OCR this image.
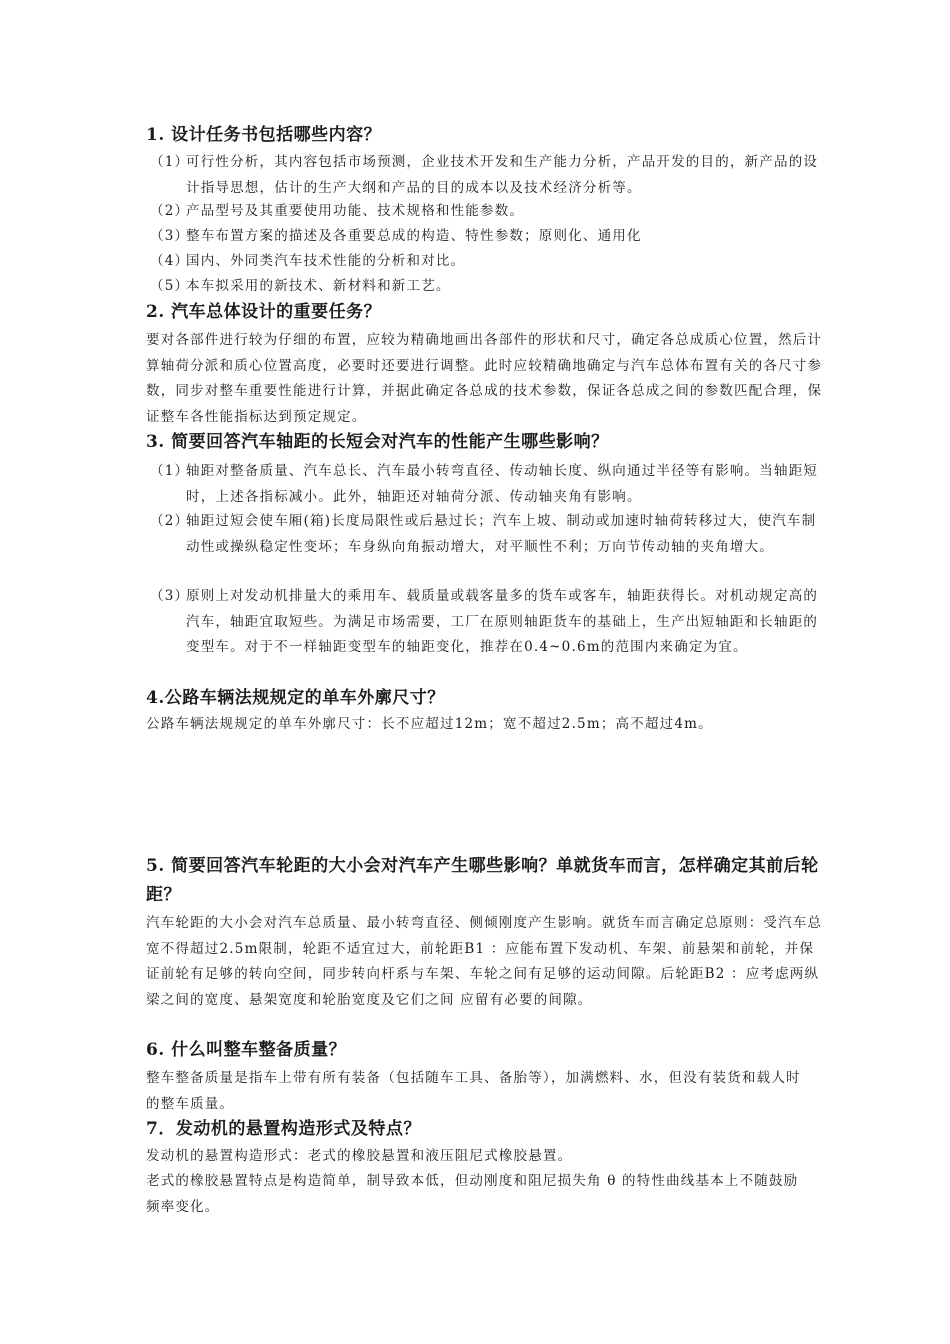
1. 设计任务书包括哪些内容？
（1）
可行性分析，其内容包括市场预测，企业技术开发和生产能力分析，产品开发的目的，新产品的设计指导思想，估计的生产大纲和产品的目的成本以及技术经济分析等。
（2）
产品型号及其重要使用功能、技术规格和性能参数。
（3）
整车布置方案的描述及各重要总成的构造、特性参数；原则化、通用化
（4）
国内、外同类汽车技术性能的分析和对比。
（5）
本车拟采用的新技术、新材料和新工艺。
2. 汽车总体设计的重要任务？
要对各部件进行较为仔细的布置，应较为精确地画出各部件的形状和尺寸，确定各总成质心位置，然后计算轴荷分派和质心位置高度，必要时还要进行调整。此时应较精确地确定与汽车总体布置有关的各尺寸参数，同步对整车重要性能进行计算，并据此确定各总成的技术参数，保证各总成之间的参数匹配合理，保证整车各性能指标达到预定规定。
3. 简要回答汽车轴距的长短会对汽车的性能产生哪些影响？
（1）
轴距对整备质量、汽车总长、汽车最小转弯直径、传动轴长度、纵向通过半径等有影响。当轴距短时，上述各指标减小。此外，轴距还对轴荷分派、传动轴夹角有影响。
（2）
轴距过短会使车厢(箱)长度局限性或后悬过长；汽车上坡、制动或加速时轴荷转移过大，使汽车制动性或操纵稳定性变坏；车身纵向角振动增大，对平顺性不利；万向节传动轴的夹角增大。
（3）
原则上对发动机排量大的乘用车、载质量或载客量多的货车或客车，轴距获得长。对机动规定高的汽车，轴距宜取短些。为满足市场需要，工厂在原则轴距货车的基础上，生产出短轴距和长轴距的变型车。对于不一样轴距变型车的轴距变化，推荐在0.4~0.6m的范围内来确定为宜。
4.公路车辆法规规定的单车外廓尺寸？
公路车辆法规规定的单车外廓尺寸：长不应超过12m；宽不超过2.5m；高不超过4m。
5. 简要回答汽车轮距的大小会对汽车产生哪些影响？单就货车而言，怎样确定其前后轮距？
汽车轮距的大小会对汽车总质量、最小转弯直径、侧倾刚度产生影响。就货车而言确定总原则：受汽车总宽不得超过2.5m限制，轮距不适宜过大，前轮距B1 ：应能布置下发动机、车架、前悬架和前轮，并保证前轮有足够的转向空间，同步转向杆系与车架、车轮之间有足够的运动间隙。后轮距B2 ：应考虑两纵梁之间的宽度、悬架宽度和轮胎宽度及它们之间 应留有必要的间隙。
6. 什么叫整车整备质量？
整车整备质量是指车上带有所有装备（包括随车工具、备胎等），加满燃料、水，但没有装货和载人时的整车质量。
7．发动机的悬置构造形式及特点？
发动机的悬置构造形式：老式的橡胶悬置和液压阻尼式橡胶悬置。
老式的橡胶悬置特点是构造简单，制导致本低，但动刚度和阻尼损失角 θ 的特性曲线基本上不随鼓励频率变化。
